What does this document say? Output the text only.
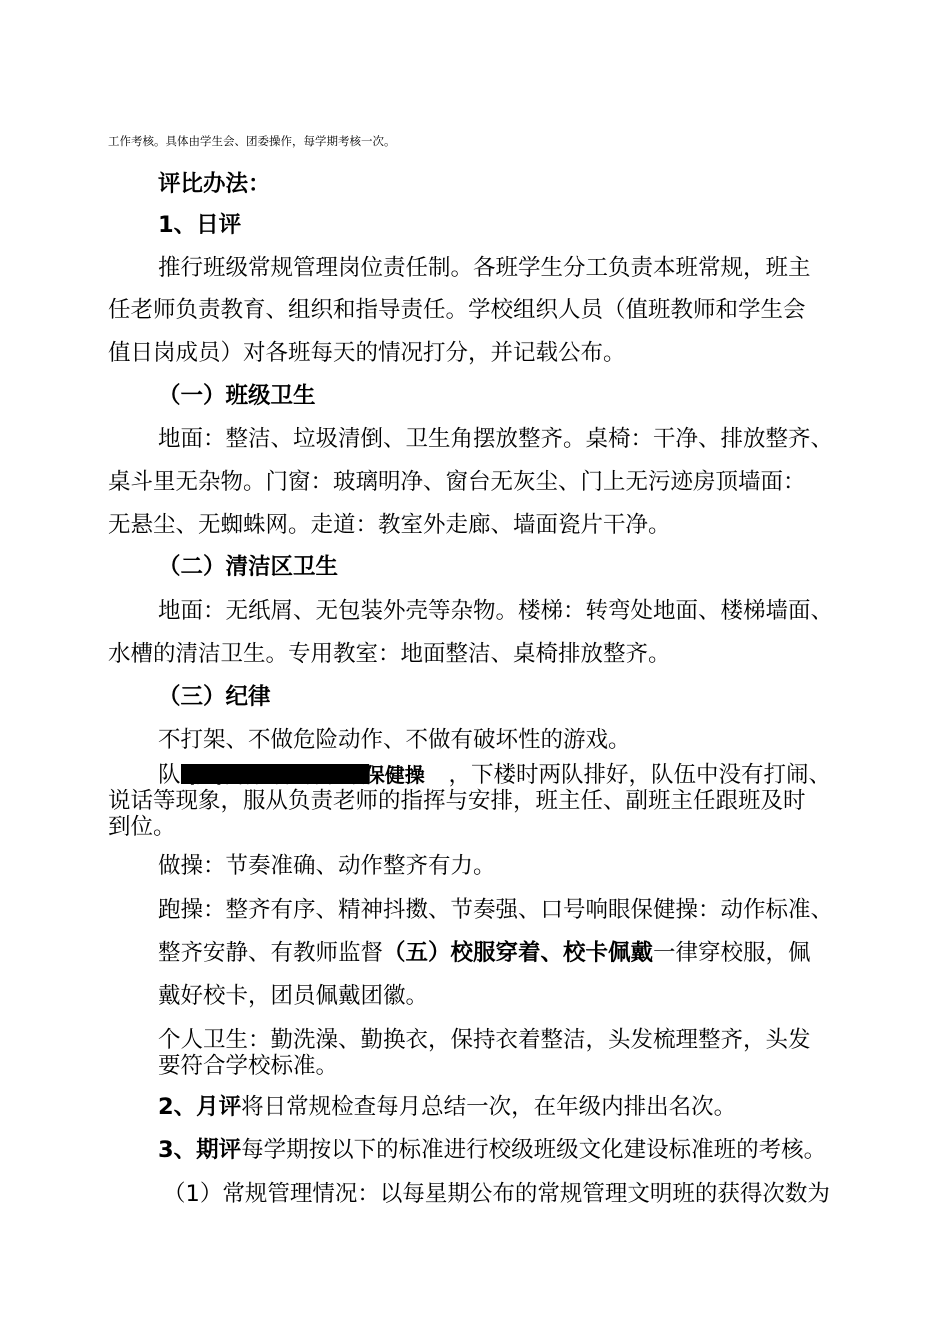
工作考核。具体由学生会、团委操作，每学期考核一次。
评比办法：
1、日评
推行班级常规管理岗位责任制。各班学生分工负责本班常规，班主
任老师负责教育、组织和指导责任。学校组织人员（值班教师和学生会
值日岗成员）对各班每天的情况打分，并记载公布。
（一）班级卫生
地面：整洁、垃圾清倒、卫生角摆放整齐。桌椅：干净、排放整齐、
桌斗里无杂物。门窗：玻璃明净、窗台无灰尘、门上无污迹房顶墙面：
无悬尘、无蜘蛛网。走道：教室外走廊、墙面瓷片干净。
（二）清洁区卫生
地面：无纸屑、无包装外壳等杂物。楼梯：转弯处地面、楼梯墙面、
水槽的清洁卫生。专用教室：地面整洁、桌椅排放整齐。
（三）纪律
不打架、不做危险动作、不做有破坏性的游戏。
队 (四)两操课间操、眼保健操 ，下楼时两队排好，队伍中没有打闹、
说话等现象，服从负责老师的指挥与安排，班主任、副班主任跟班及时
到位。
做操：节奏准确、动作整齐有力。
跑操：整齐有序、精神抖擞、节奏强、口号响眼保健操：动作标准、
整齐安静、有教师监督（五）校服穿着、校卡佩戴一律穿校服，佩
戴好校卡，团员佩戴团徽。
个人卫生：勤洗澡、勤换衣，保持衣着整洁，头发梳理整齐，头发
要符合学校标准。
2、月评将日常规检查每月总结一次，在年级内排出名次。
3、期评每学期按以下的标准进行校级班级文化建设标准班的考核。
（1）常规管理情况：以每星期公布的常规管理文明班的获得次数为
